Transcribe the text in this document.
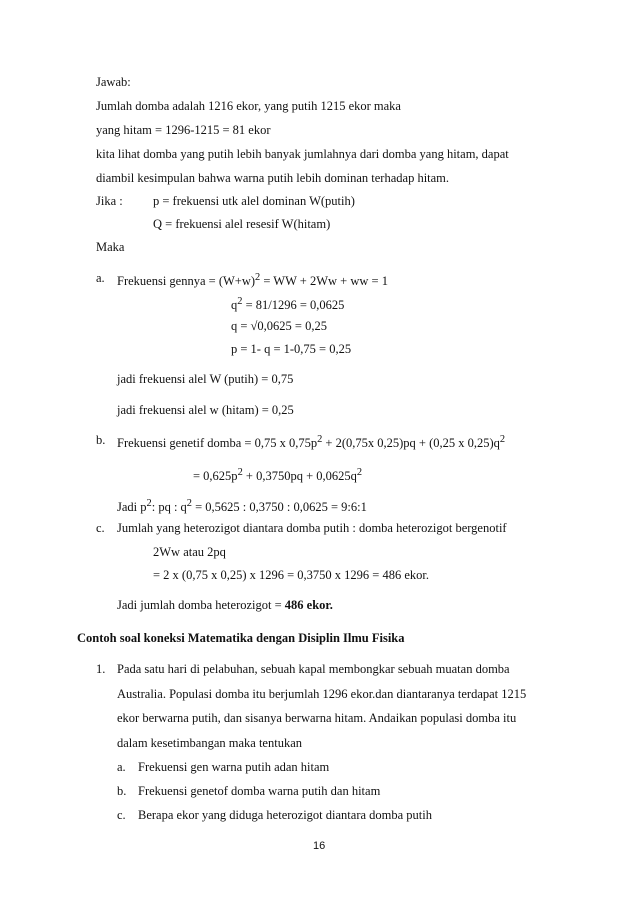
Jawab:
Jumlah domba adalah 1216 ekor, yang putih 1215 ekor maka
yang hitam = 1296-1215 = 81 ekor
kita lihat domba yang putih lebih banyak jumlahnya dari domba yang hitam, dapat
diambil kesimpulan bahwa warna putih lebih dominan terhadap hitam.
Jika : p = frekuensi utk alel dominan W(putih)
Q = frekuensi alel resesif W(hitam)
Maka
a. Frekuensi gennya = $(W+w)^2$ = WW + 2Ww + ww = 1
$q^2 = 81/1296 = 0,0625$
q = √0,0625 = 0,25
p = 1- q = 1-0,75 = 0,25
jadi frekuensi alel W (putih) = 0,75
jadi frekuensi alel w (hitam) = 0,25
b. Frekuensi genetif domba = 0,75 x $0,75p^2 + 2(0,75x$ 0,25)pq + (0,25 x $0,25)q^2$
= $0,625p^2 + 0,3750pq + 0,0625q^2$
Jadi $p^2$: pq : $q^2 = 0,5625$ : 0,3750 : 0,0625 = 9:6:1
c. Jumlah yang heterozigot diantara domba putih : domba heterozigot bergenotif
2Ww atau 2pq
= 2 x (0,75 x 0,25) x 1296 = 0,3750 x 1296 = 486 ekor.
Jadi jumlah domba heterozigot = 486 ekor.
Contoh soal koneksi Matematika dengan Disiplin Ilmu Fisika
1. Pada satu hari di pelabuhan, sebuah kapal membongkar sebuah muatan domba
Australia. Populasi domba itu berjumlah 1296 ekor.dan diantaranya terdapat 1215
ekor berwarna putih, dan sisanya berwarna hitam. Andaikan populasi domba itu
dalam kesetimbangan maka tentukan
a. Frekuensi gen warna putih adan hitam
b. Frekuensi genetof domba warna putih dan hitam
c. Berapa ekor yang diduga heterozigot diantara domba putih
16
